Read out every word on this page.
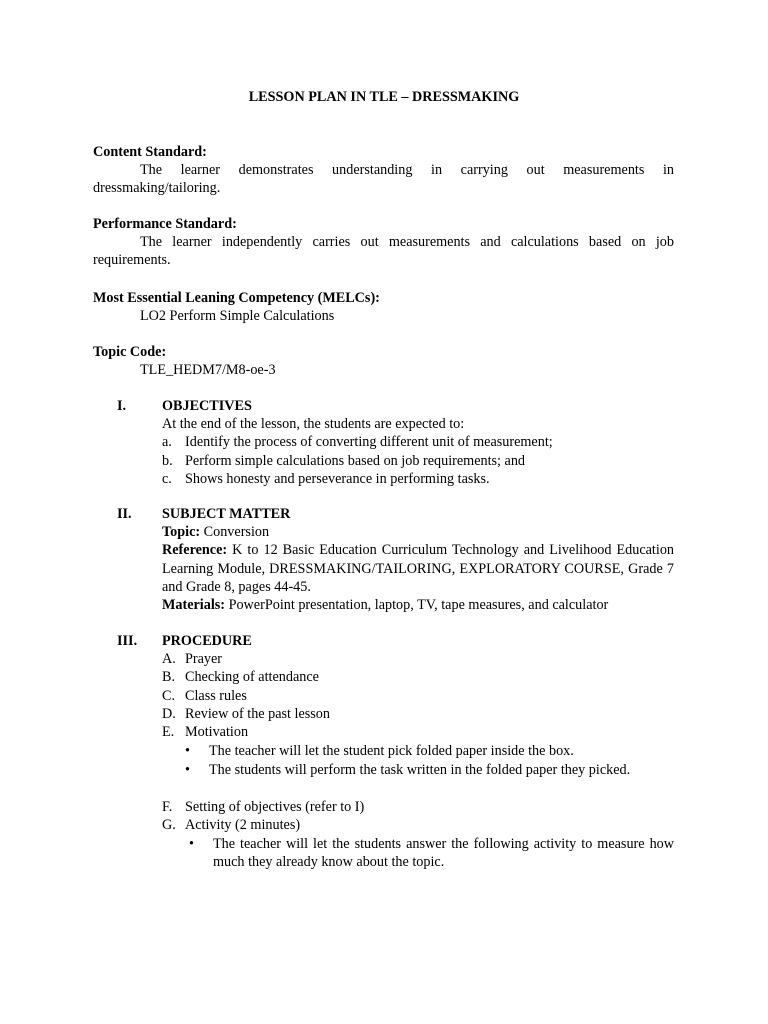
LESSON PLAN IN TLE – DRESSMAKING
Content Standard:
The learner demonstrates understanding in carrying out measurements in dressmaking/tailoring.
Performance Standard:
The learner independently carries out measurements and calculations based on job requirements.
Most Essential Leaning Competency (MELCs):
LO2 Perform Simple Calculations
Topic Code:
TLE_HEDM7/M8-oe-3
I.	OBJECTIVES
At the end of the lesson, the students are expected to:
a. Identify the process of converting different unit of measurement;
b. Perform simple calculations based on job requirements; and
c. Shows honesty and perseverance in performing tasks.
II. SUBJECT MATTER
Topic: Conversion
Reference: K to 12 Basic Education Curriculum Technology and Livelihood Education Learning Module, DRESSMAKING/TAILORING, EXPLORATORY COURSE, Grade 7 and Grade 8, pages 44-45.
Materials: PowerPoint presentation, laptop, TV, tape measures, and calculator
III. PROCEDURE
A. Prayer
B. Checking of attendance
C. Class rules
D. Review of the past lesson
E. Motivation
•	The teacher will let the student pick folded paper inside the box.
•	The students will perform the task written in the folded paper they picked.
F. Setting of objectives (refer to I)
G. Activity (2 minutes)
•	The teacher will let the students answer the following activity to measure how much they already know about the topic.
